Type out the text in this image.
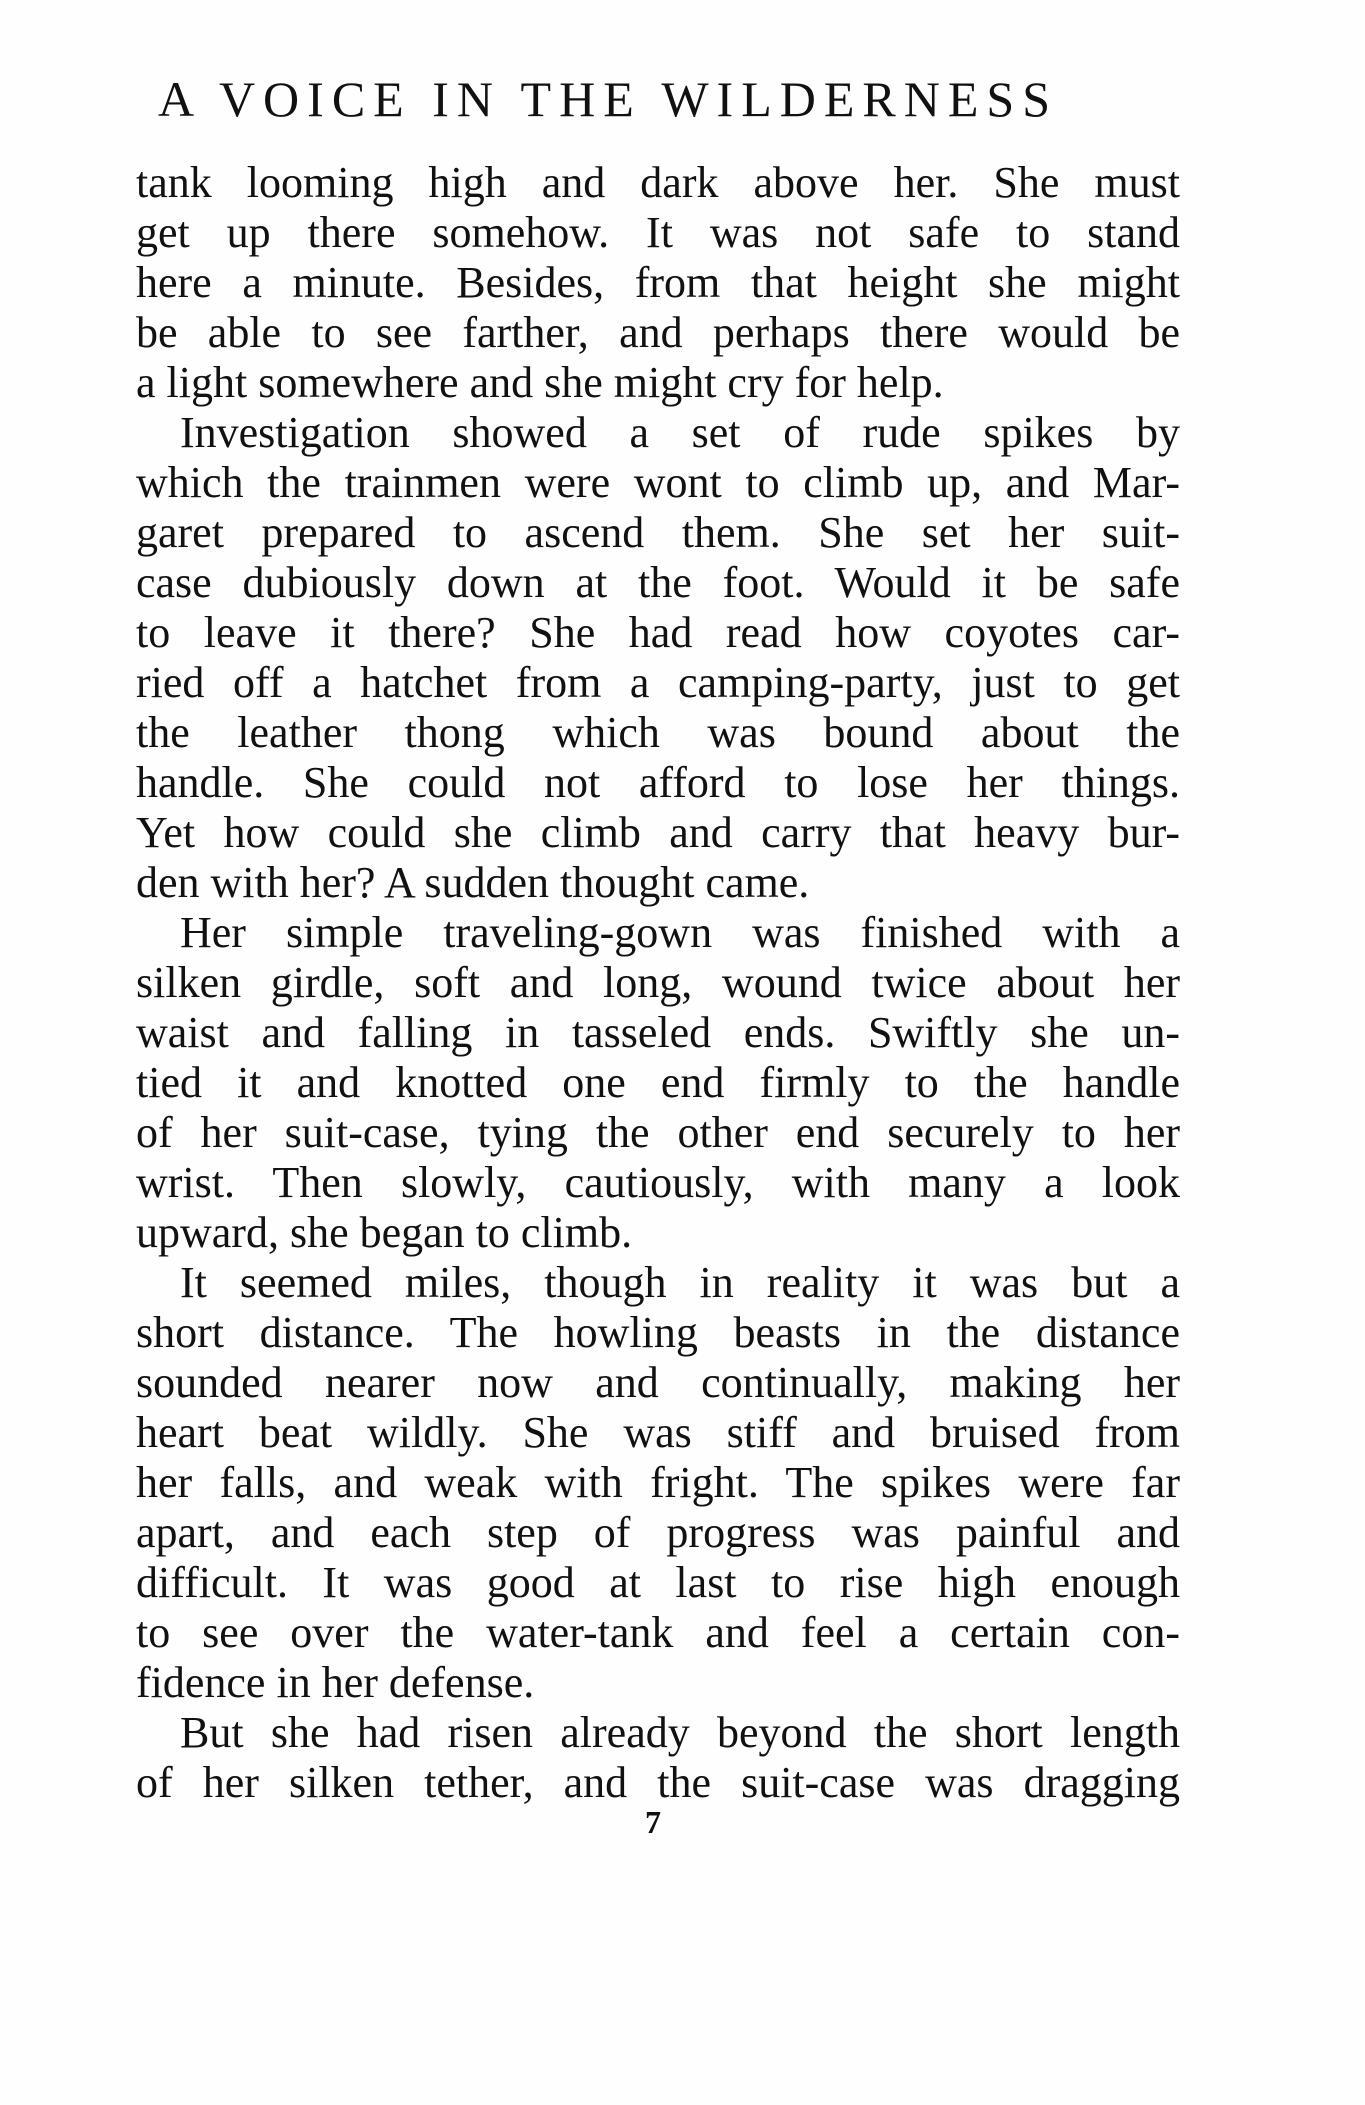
A VOICE IN THE WILDERNESS
tank looming high and dark above her. She must
get up there somehow. It was not safe to stand
here a minute. Besides, from that height she might
be able to see farther, and perhaps there would be
a light somewhere and she might cry for help.
Investigation showed a set of rude spikes by
which the trainmen were wont to climb up, and Mar-
garet prepared to ascend them. She set her suit-
case dubiously down at the foot. Would it be safe
to leave it there? She had read how coyotes car-
ried off a hatchet from a camping-party, just to get
the leather thong which was bound about the
handle. She could not afford to lose her things.
Yet how could she climb and carry that heavy bur-
den with her? A sudden thought came.
Her simple traveling-gown was finished with a
silken girdle, soft and long, wound twice about her
waist and falling in tasseled ends. Swiftly she un-
tied it and knotted one end firmly to the handle
of her suit-case, tying the other end securely to her
wrist. Then slowly, cautiously, with many a look
upward, she began to climb.
It seemed miles, though in reality it was but a
short distance. The howling beasts in the distance
sounded nearer now and continually, making her
heart beat wildly. She was stiff and bruised from
her falls, and weak with fright. The spikes were far
apart, and each step of progress was painful and
difficult. It was good at last to rise high enough
to see over the water-tank and feel a certain con-
fidence in her defense.
But she had risen already beyond the short length
of her silken tether, and the suit-case was dragging

7
